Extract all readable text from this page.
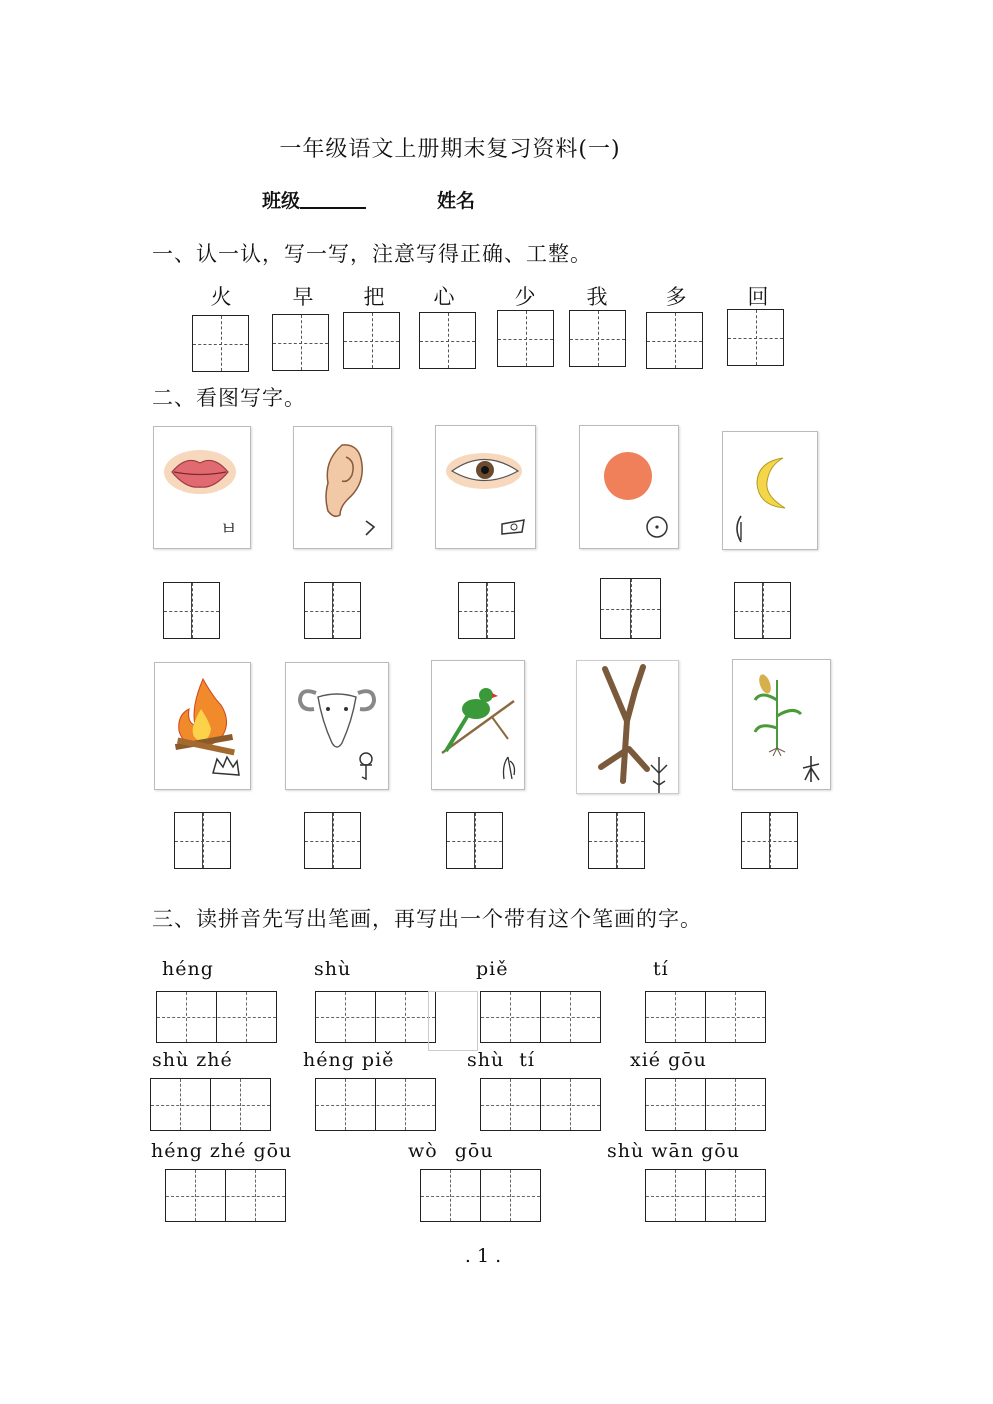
一年级语文上册期末复习资料(一)
班级	姓名
一、认一认，写一写，注意写得正确、工整。
火	早	把	心	少	我	多	回
二、看图写字。
ㅂ
三、读拼音先写出笔画，再写出一个带有这个笔画的字。
héng	shù	piě	tí
shù zhé	héng piě	shù tí	xié gōu
héng zhé gōu	wò gōu	shù wān gōu
. 1 .
